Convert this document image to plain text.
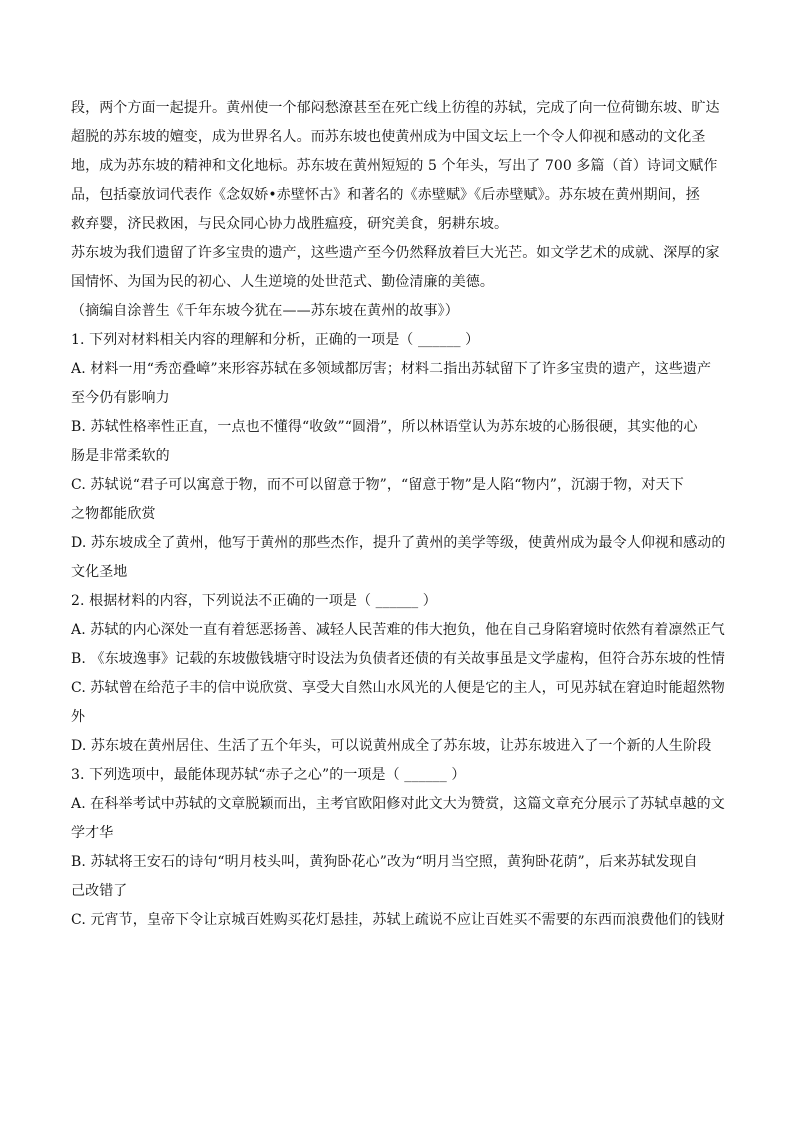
段，两个方面一起提升。黄州使一个郁闷愁潦甚至在死亡线上彷徨的苏轼，完成了向一位荷锄东坡、旷达
超脱的苏东坡的嬗变，成为世界名人。而苏东坡也使黄州成为中国文坛上一个令人仰视和感动的文化圣
地，成为苏东坡的精神和文化地标。苏东坡在黄州短短的 5 个年头，写出了 700 多篇（首）诗词文赋作
品，包括豪放词代表作《念奴娇•赤壁怀古》和著名的《赤壁赋》《后赤壁赋》。苏东坡在黄州期间，拯
救弃婴，济民救困，与民众同心协力战胜瘟疫，研究美食，躬耕东坡。
苏东坡为我们遗留了许多宝贵的遗产，这些遗产至今仍然释放着巨大光芒。如文学艺术的成就、深厚的家
国情怀、为国为民的初心、人生逆境的处世范式、勤俭清廉的美德。
（摘编自涂普生《千年东坡今犹在——苏东坡在黄州的故事》）
1. 下列对材料相关内容的理解和分析，正确的一项是（ ______ ）
A. 材料一用“秀峦叠嶂”来形容苏轼在多领域都厉害；材料二指出苏轼留下了许多宝贵的遗产，这些遗产
至今仍有影响力
B. 苏轼性格率性正直，一点也不懂得“收敛”“圆滑”，所以林语堂认为苏东坡的心肠很硬，其实他的心
肠是非常柔软的
C. 苏轼说“君子可以寓意于物，而不可以留意于物”，“留意于物”是人陷“物内”，沉溺于物，对天下
之物都能欣赏
D. 苏东坡成全了黄州，他写于黄州的那些杰作，提升了黄州的美学等级，使黄州成为最令人仰视和感动的
文化圣地
2. 根据材料的内容，下列说法不正确的一项是（ ______ ）
A. 苏轼的内心深处一直有着惩恶扬善、减轻人民苦难的伟大抱负，他在自己身陷窘境时依然有着凛然正气
B. 《东坡逸事》记载的东坡傲钱塘守时设法为负债者还债的有关故事虽是文学虚构，但符合苏东坡的性情
C. 苏轼曾在给范子丰的信中说欣赏、享受大自然山水风光的人便是它的主人，可见苏轼在窘迫时能超然物
外
D. 苏东坡在黄州居住、生活了五个年头，可以说黄州成全了苏东坡，让苏东坡进入了一个新的人生阶段
3. 下列选项中，最能体现苏轼“赤子之心”的一项是（ ______ ）
A. 在科举考试中苏轼的文章脱颖而出，主考官欧阳修对此文大为赞赏，这篇文章充分展示了苏轼卓越的文
学才华
B. 苏轼将王安石的诗句“明月枝头叫，黄狗卧花心”改为“明月当空照，黄狗卧花荫”，后来苏轼发现自
己改错了
C. 元宵节，皇帝下令让京城百姓购买花灯悬挂，苏轼上疏说不应让百姓买不需要的东西而浪费他们的钱财
